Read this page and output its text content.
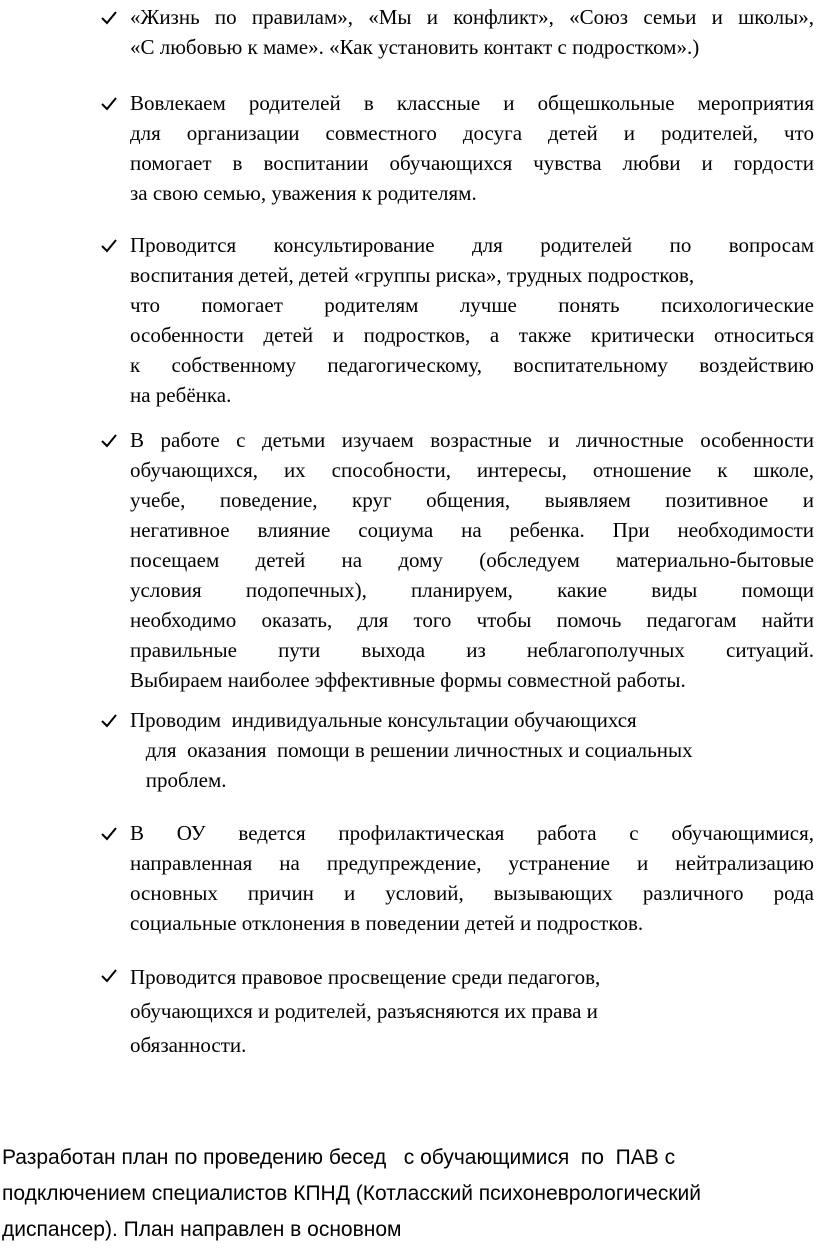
«Жизнь по правилам», «Мы и конфликт», «Союз семьи и школы»,
«С любовью к маме». «Как установить контакт с подростком».)
Вовлекаем родителей в классные и общешкольные мероприятия
для организации совместного досуга детей и родителей, что
помогает в воспитании обучающихся чувства любви и гордости
за свою семью, уважения к родителям.
Проводится консультирование для родителей по вопросам
воспитания детей, детей «группы риска», трудных подростков,
что помогает родителям лучше понять психологические
особенности детей и подростков, а также критически относиться
к собственному педагогическому, воспитательному воздействию
на ребёнка.
В работе с детьми изучаем возрастные и личностные особенности
обучающихся, их способности, интересы, отношение к школе,
учебе, поведение, круг общения, выявляем позитивное и
негативное влияние социума на ребенка. При необходимости
посещаем детей на дому (обследуем материально-бытовые
условия подопечных), планируем, какие виды помощи
необходимо оказать, для того чтобы помочь педагогам найти
правильные пути выхода из неблагополучных ситуаций.
Выбираем наиболее эффективные формы совместной работы.
Проводим  индивидуальные консультации обучающихся
для  оказания  помощи в решении личностных и социальных
проблем.
В ОУ ведется профилактическая работа с обучающимися,
направленная на предупреждение, устранение и нейтрализацию
основных причин и условий, вызывающих различного рода
социальные отклонения в поведении детей и подростков.
Проводится правовое просвещение среди педагогов,
обучающихся и родителей, разъясняются их права и
обязанности.
Разработан план по проведению бесед   с обучающимися  по  ПАВ с
подключением специалистов КПНД (Котласский психоневрологический
диспансер). План направлен в основном
